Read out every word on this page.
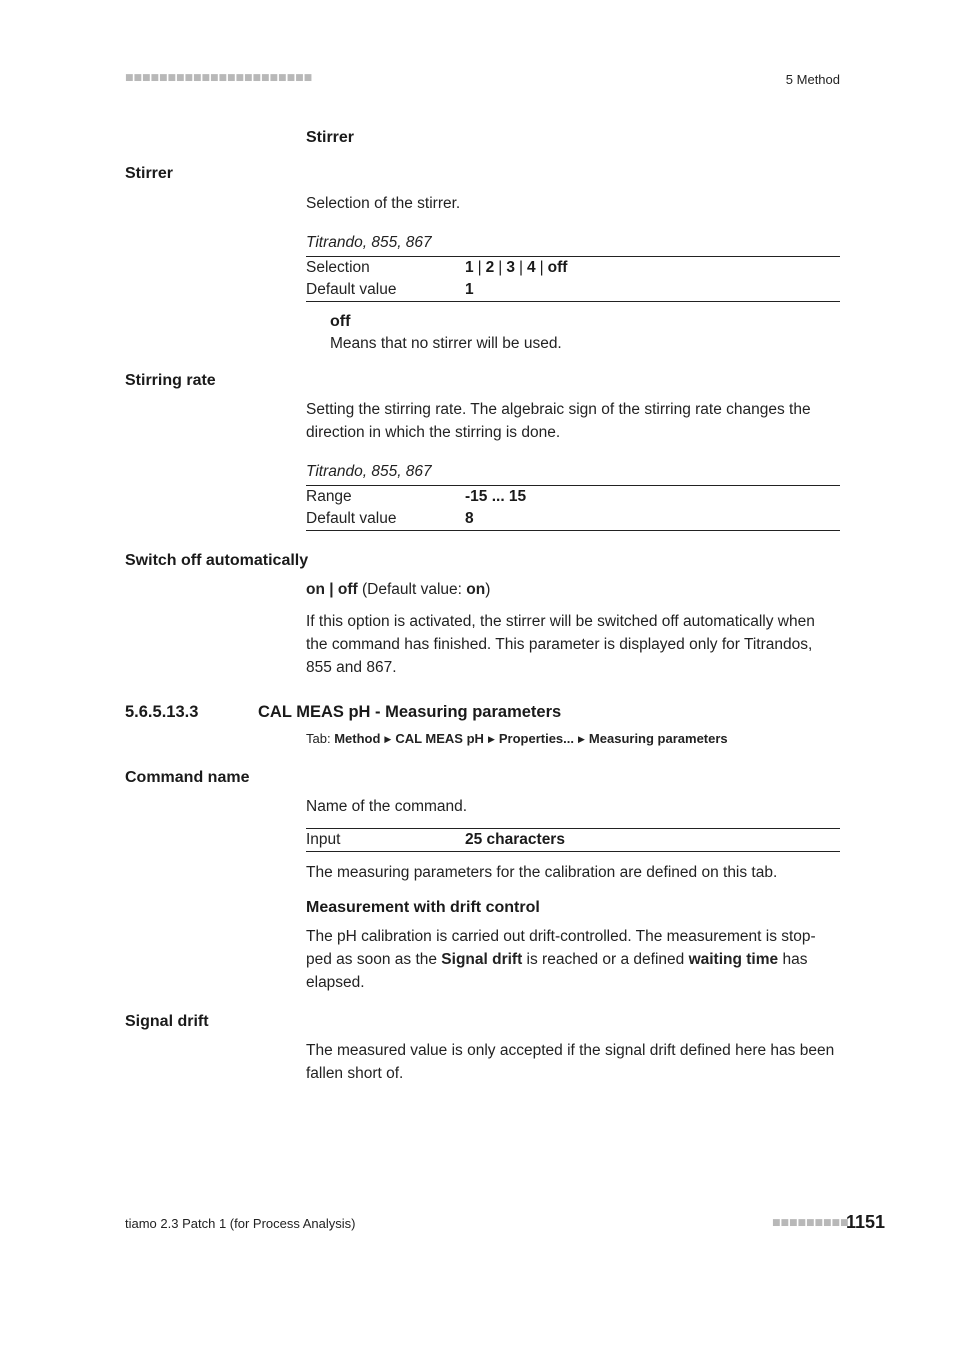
■■■■■■■■■■■■■■■■■■■■■■	5 Method
Stirrer
Stirrer
Selection of the stirrer.
Titrando, 855, 867
Selection	1 | 2 | 3 | 4 | off
Default value	1
off
Means that no stirrer will be used.
Stirring rate
Setting the stirring rate. The algebraic sign of the stirring rate changes the direction in which the stirring is done.
Titrando, 855, 867
Range	-15 ... 15
Default value	8
Switch off automatically
on | off (Default value: on)
If this option is activated, the stirrer will be switched off automatically when the command has finished. This parameter is displayed only for Titrandos, 855 and 867.
5.6.5.13.3	CAL MEAS pH - Measuring parameters
Tab: Method ▶ CAL MEAS pH ▶ Properties... ▶ Measuring parameters
Command name
Name of the command.
Input	25 characters
The measuring parameters for the calibration are defined on this tab.
Measurement with drift control
The pH calibration is carried out drift-controlled. The measurement is stop-ped as soon as the Signal drift is reached or a defined waiting time has elapsed.
Signal drift
The measured value is only accepted if the signal drift defined here has been fallen short of.
tiamo 2.3 Patch 1 (for Process Analysis)	■■■■■■■■■
1151
